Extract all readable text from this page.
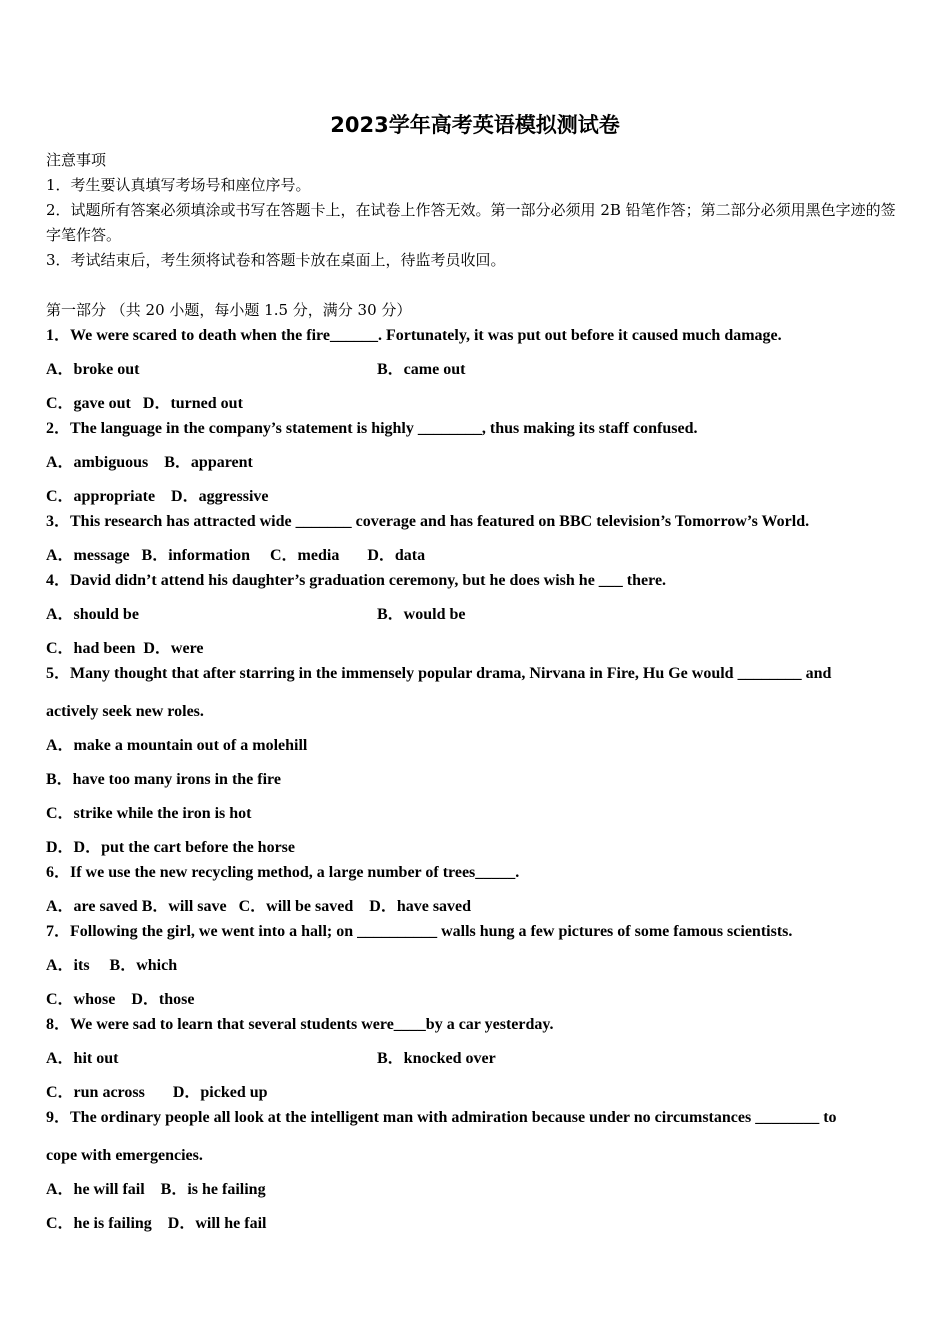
2023学年高考英语模拟测试卷
注意事项
1．考生要认真填写考场号和座位序号。
2．试题所有答案必须填涂或书写在答题卡上，在试卷上作答无效。第一部分必须用 2B 铅笔作答；第二部分必须用黑色字迹的签字笔作答。
3．考试结束后，考生须将试卷和答题卡放在桌面上，待监考员收回。
第一部分 （共 20 小题，每小题 1.5 分，满分 30 分）
1．We were scared to death when the fire______. Fortunately, it was put out before it caused much damage.
A．broke out	B．came out
C．gave out   D．turned out
2．The language in the company’s statement is highly ________, thus making its staff confused.
A．ambiguous    B．apparent
C．appropriate    D．aggressive
3．This research has attracted wide _______ coverage and has featured on BBC television’s Tomorrow’s World.
A．message   B．information     C．media       D．data
4．David didn’t attend his daughter’s graduation ceremony, but he does wish he ___ there.
A．should be	B．would be
C．had been  D．were
5．Many thought that after starring in the immensely popular drama, Nirvana in Fire, Hu Ge would ________ and
actively seek new roles.
A．make a mountain out of a molehill
B．have too many irons in the fire
C．strike while the iron is hot
D．D．put the cart before the horse
6．If we use the new recycling method, a large number of trees_____.
A．are saved B．will save   C．will be saved    D．have saved
7．Following the girl, we went into a hall; on __________ walls hung a few pictures of some famous scientists.
A．its     B．which
C．whose    D．those
8．We were sad to learn that several students were____by a car yesterday.
A．hit out	B．knocked over
C．run across       D．picked up
9．The ordinary people all look at the intelligent man with admiration because under no circumstances ________ to
cope with emergencies.
A．he will fail    B．is he failing
C．he is failing    D．will he fail
